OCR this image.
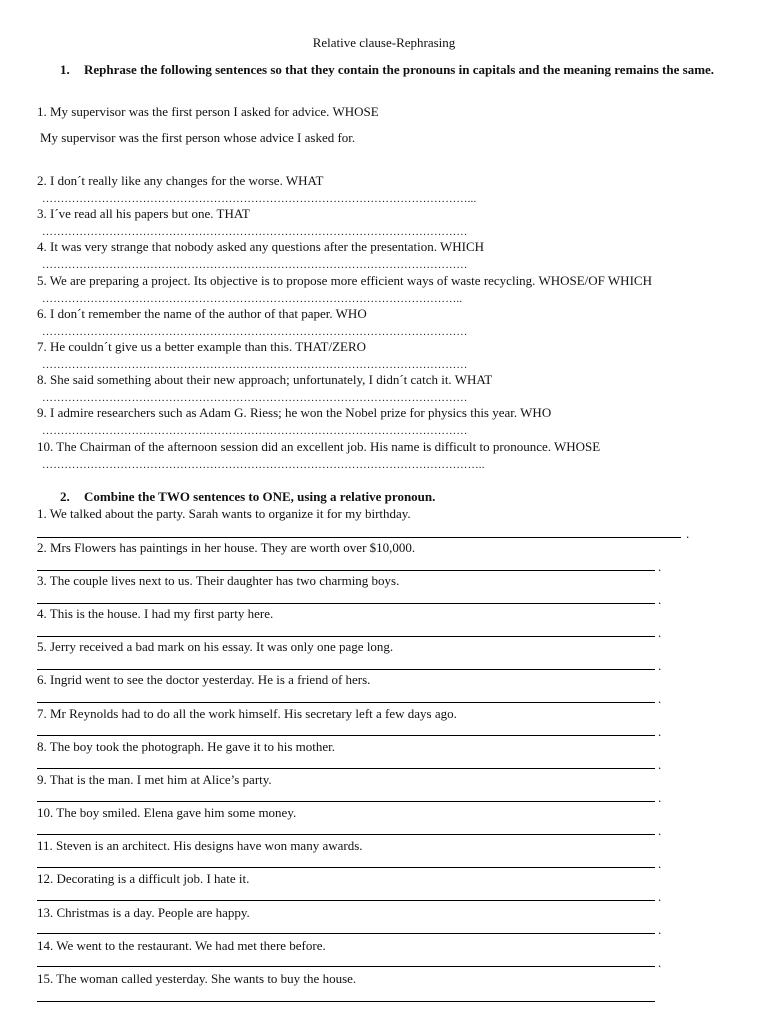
Relative clause-Rephrasing
1.	Rephrase the following sentences so that they contain the pronouns in capitals and the meaning remains the same.
1. My supervisor was the first person I asked for advice. WHOSE
My supervisor was the first person whose advice I asked for.
2. I don´t really like any changes for the worse. WHAT
……………………………………………………………………………………………………...
3. I´ve read all his papers but one. THAT
……………………………………………………………………………………………………
4. It was very strange that nobody asked any questions after the presentation. WHICH
……………………………………………………………………………………………………
5. We are preparing a project. Its objective is to propose more efficient ways of waste recycling. WHOSE/OF WHICH
…………………………………………………………………………………………………..
6. I don´t remember the name of the author of that paper. WHO
……………………………………………………………………………………………………
7. He couldn´t give us a better example than this. THAT/ZERO
……………………………………………………………………………………………………
8. She said something about their new approach; unfortunately, I didn´t catch it. WHAT
……………………………………………………………………………………………………
9. I admire researchers such as Adam G. Riess; he won the Nobel prize for physics this year. WHO
……………………………………………………………………………………………………
10. The Chairman of the afternoon session did an excellent job. His name is difficult to pronounce. WHOSE
………………………………………………………………………………………………………..
2.	Combine the TWO sentences to ONE, using a relative pronoun.
1. We talked about the party. Sarah wants to organize it for my birthday.
.
2. Mrs Flowers has paintings in her house. They are worth over $10,000.
.
3. The couple lives next to us. Their daughter has two charming boys.
.
4. This is the house. I had my first party here.
.
5. Jerry received a bad mark on his essay. It was only one page long.
.
6. Ingrid went to see the doctor yesterday. He is a friend of hers.
.
7. Mr Reynolds had to do all the work himself. His secretary left a few days ago.
.
8. The boy took the photograph. He gave it to his mother.
.
9. That is the man. I met him at Alice’s party.
.
10. The boy smiled. Elena gave him some money.
.
11. Steven is an architect. His designs have won many awards.
.
12. Decorating is a difficult job. I hate it.
.
13. Christmas is a day. People are happy.
.
14. We went to the restaurant. We had met there before.
.
15. The woman called yesterday. She wants to buy the house.
